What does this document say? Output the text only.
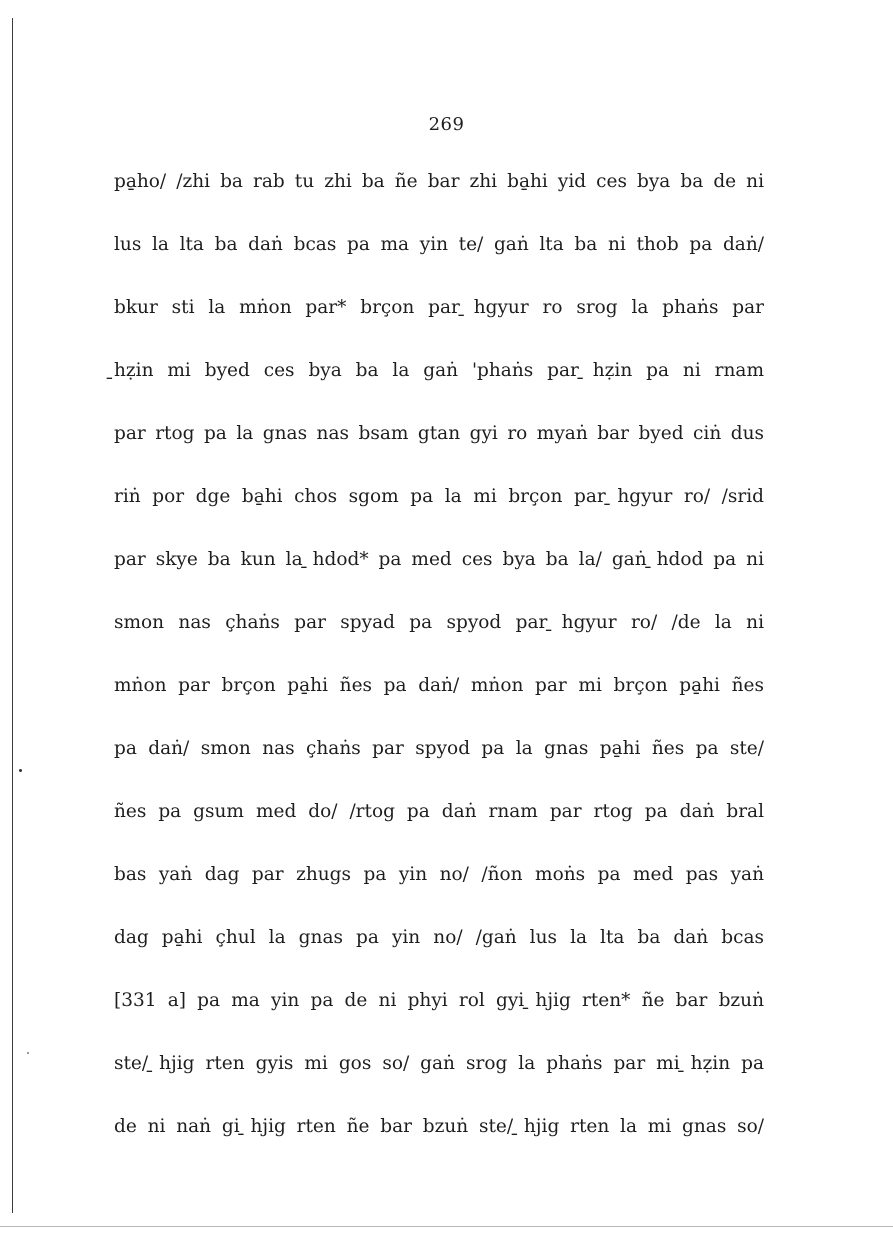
269
pa̱ho/ /zhi ba rab tu zhi ba ñe bar zhi ba̱hi yid ces bya ba de ni
lus la lta ba daṅ bcas pa ma yin te/ gaṅ lta ba ni thob pa daṅ/
bkur sti la mṅon par* brçon par ̱hgyur ro srog la phaṅs par
̱hẓin mi byed ces bya ba la gaṅ 'phaṅs par ̱hẓin pa ni rnam
par rtog pa la gnas nas bsam gtan gyi ro myaṅ bar byed ciṅ dus
riṅ por dge ba̱hi chos sgom pa la mi brçon par ̱hgyur ro/ /srid
par skye ba kun la ̱hdod* pa med ces bya ba la/ gaṅ ̱hdod pa ni
smon nas çhaṅs par spyad pa spyod par ̱hgyur ro/ /de la ni
mṅon par brçon pa̱hi ñes pa daṅ/ mṅon par mi brçon pa̱hi ñes
pa daṅ/ smon nas çhaṅs par spyod pa la gnas pa̱hi ñes pa ste/
ñes pa gsum med do/ /rtog pa daṅ rnam par rtog pa daṅ bral
bas yaṅ dag par zhugs pa yin no/ /ñon moṅs pa med pas yaṅ
dag pa̱hi çhul la gnas pa yin no/ /gaṅ lus la lta ba daṅ bcas
[331 a] pa ma yin pa de ni phyi rol gyi ̱hjig rten* ñe bar bzuṅ
ste/ ̱hjig rten gyis mi gos so/ gaṅ srog la phaṅs par mi ̱hẓin pa
de ni naṅ gi ̱hjig rten ñe bar bzuṅ ste/ ̱hjig rten la mi gnas so/
